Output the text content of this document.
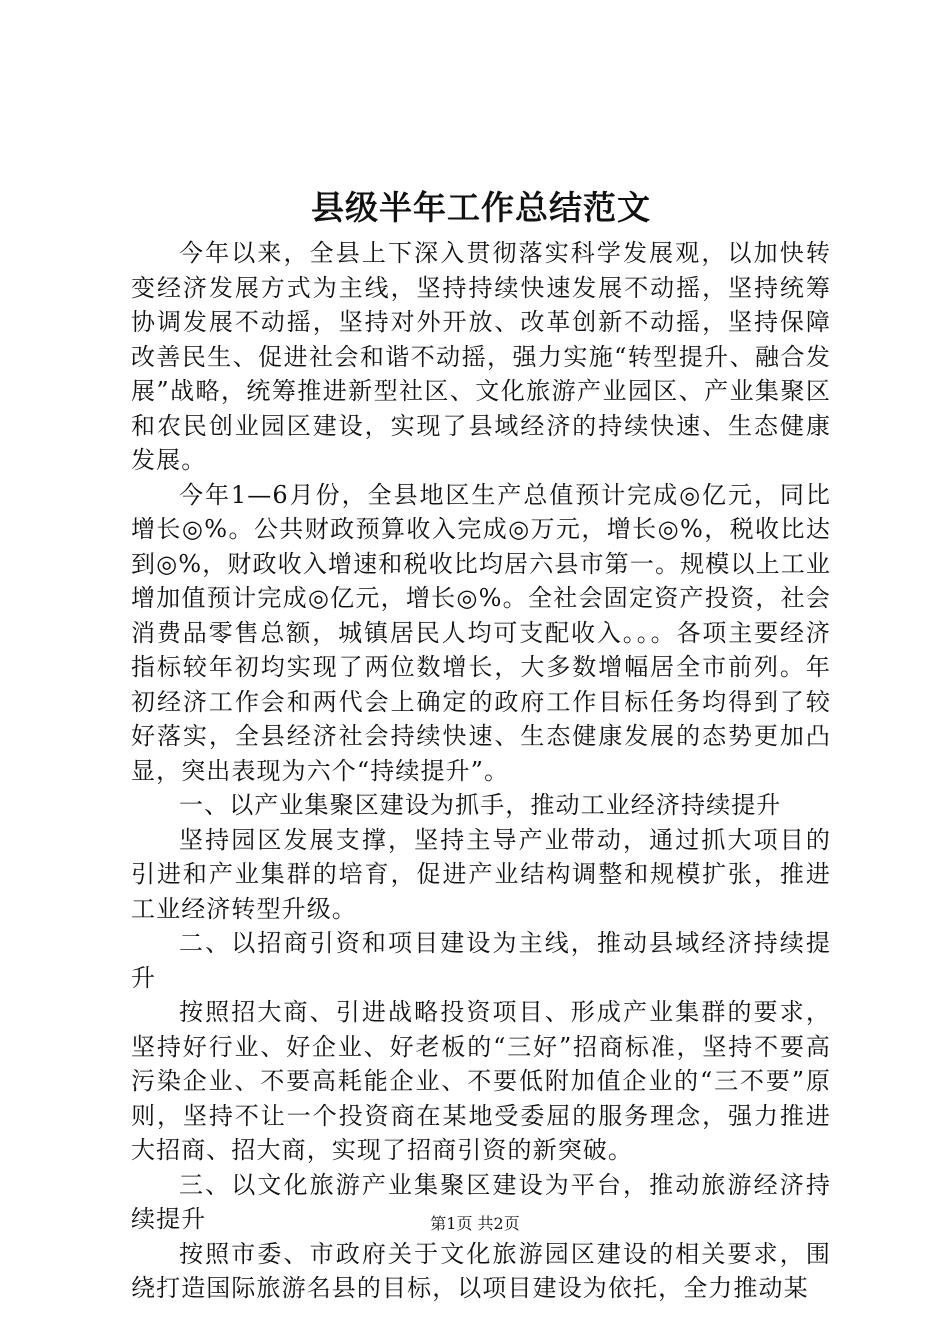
县级半年工作总结范文

今年以来，全县上下深入贯彻落实科学发展观，以加快转变经济发展方式为主线，坚持持续快速发展不动摇，坚持统筹协调发展不动摇，坚持对外开放、改革创新不动摇，坚持保障改善民生、促进社会和谐不动摇，强力实施“转型提升、融合发展”战略，统筹推进新型社区、文化旅游产业园区、产业集聚区和农民创业园区建设，实现了县域经济的持续快速、生态健康发展。

今年1—6月份，全县地区生产总值预计完成◎亿元，同比增长◎%。公共财政预算收入完成◎万元，增长◎%，税收比达到◎%，财政收入增速和税收比均居六县市第一。规模以上工业增加值预计完成◎亿元，增长◎%。全社会固定资产投资，社会消费品零售总额，城镇居民人均可支配收入。。。各项主要经济指标较年初均实现了两位数增长，大多数增幅居全市前列。年初经济工作会和两代会上确定的政府工作目标任务均得到了较好落实，全县经济社会持续快速、生态健康发展的态势更加凸显，突出表现为六个“持续提升”。

一、以产业集聚区建设为抓手，推动工业经济持续提升

坚持园区发展支撑，坚持主导产业带动，通过抓大项目的引进和产业集群的培育，促进产业结构调整和规模扩张，推进工业经济转型升级。

二、以招商引资和项目建设为主线，推动县域经济持续提升

按照招大商、引进战略投资项目、形成产业集群的要求，坚持好行业、好企业、好老板的“三好”招商标准，坚持不要高污染企业、不要高耗能企业、不要低附加值企业的“三不要”原则，坚持不让一个投资商在某地受委屈的服务理念，强力推进大招商、招大商，实现了招商引资的新突破。

三、以文化旅游产业集聚区建设为平台，推动旅游经济持续提升

按照市委、市政府关于文化旅游园区建设的相关要求，围绕打造国际旅游名县的目标，以项目建设为依托，全力推动某

第1页 共2页
